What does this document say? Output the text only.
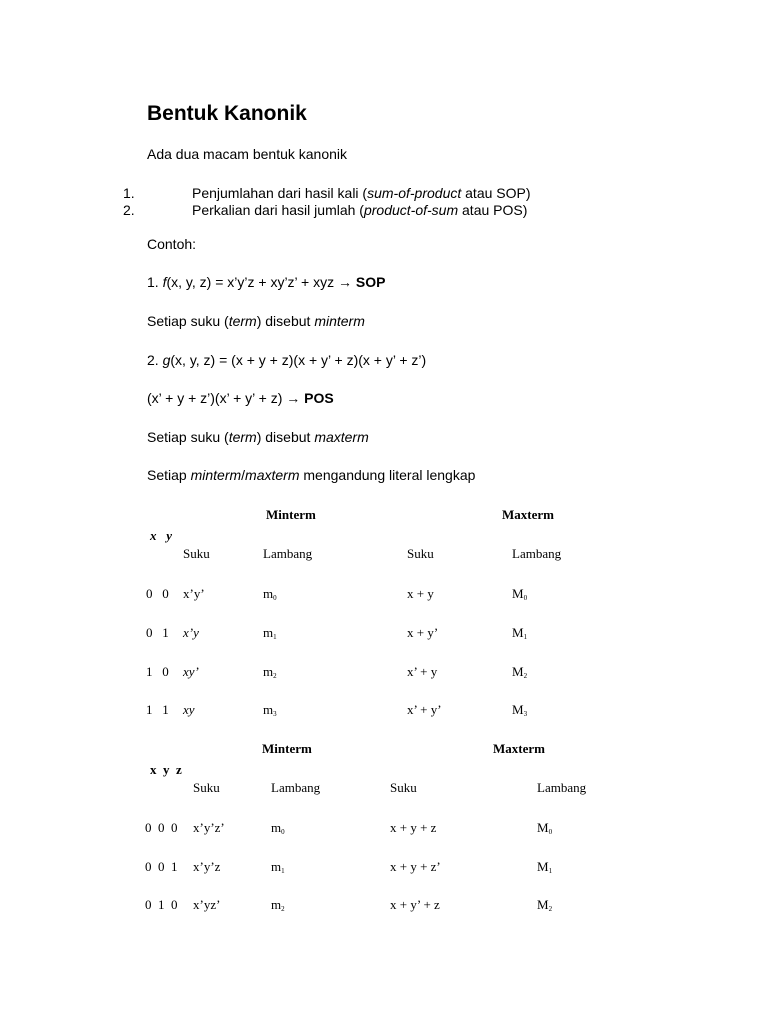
Bentuk Kanonik
Ada dua macam bentuk kanonik
1.	Penjumlahan dari hasil kali (sum-of-product atau SOP)
2.	Perkalian dari hasil jumlah (product-of-sum atau POS)
Contoh:
1. f(x, y, z) = x’y’z + xy’z’ + xyz → SOP
Setiap suku (term) disebut minterm
2. g(x, y, z) = (x + y + z)(x + y’ + z)(x + y’ + z’)
(x’ + y + z’)(x’ + y’ + z) → POS
Setiap suku (term) disebut maxterm
Setiap minterm/maxterm mengandung literal lengkap
Minterm	Maxterm
x   y
Suku	Lambang	Suku	Lambang
0   0 x’y’	$m_0$	x + y	$M_0$
0   1 x’y	$m_1$	x + y’	$M_1$
1   0 xy’	$m_2$	x’ + y	$M_2$
1   1 xy	$m_3$	x’ + y’	$M_3$
Minterm	Maxterm
x  y  z
Suku	Lambang	Suku	Lambang
0  0  0 x’y’z’	$m_0$	x + y + z	$M_0$
0  0  1 x’y’z	$m_1$	x + y + z’	$M_1$
0  1  0 x’yz’	$m_2$	x + y’ + z	$M_2$
